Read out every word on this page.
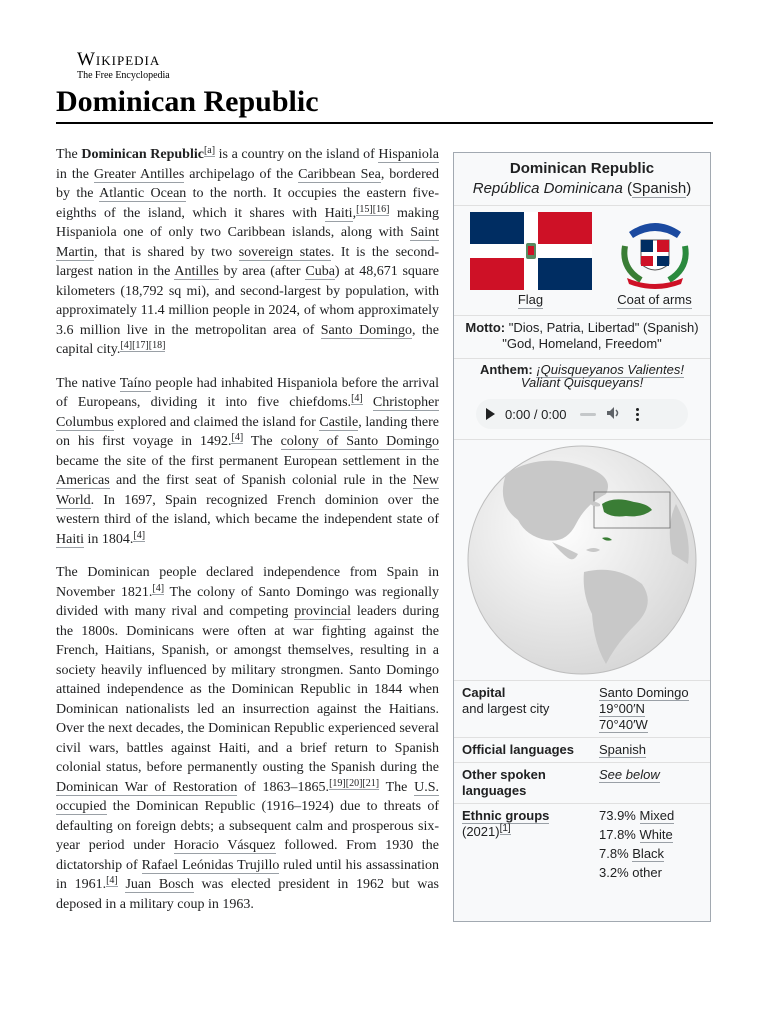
Wikipedia
The Free Encyclopedia
Dominican Republic

The Dominican Republic[a] is a country on the island of Hispaniola in the Greater Antilles archipelago of the Caribbean Sea, bordered by the Atlantic Ocean to the north. It occupies the eastern five-eighths of the island, which it shares with Haiti,[15][16] making Hispaniola one of only two Caribbean islands, along with Saint Martin, that is shared by two sovereign states. It is the second-largest nation in the Antilles by area (after Cuba) at 48,671 square kilometers (18,792 sq mi), and second-largest by population, with approximately 11.4 million people in 2024, of whom approximately 3.6 million live in the metropolitan area of Santo Domingo, the capital city.[4][17][18]

The native Taíno people had inhabited Hispaniola before the arrival of Europeans, dividing it into five chiefdoms.[4] Christopher Columbus explored and claimed the island for Castile, landing there on his first voyage in 1492.[4] The colony of Santo Domingo became the site of the first permanent European settlement in the Americas and the first seat of Spanish colonial rule in the New World. In 1697, Spain recognized French dominion over the western third of the island, which became the independent state of Haiti in 1804.[4]

The Dominican people declared independence from Spain in November 1821.[4] The colony of Santo Domingo was regionally divided with many rival and competing provincial leaders during the 1800s. Dominicans were often at war fighting against the French, Haitians, Spanish, or amongst themselves, resulting in a society heavily influenced by military strongmen. Santo Domingo attained independence as the Dominican Republic in 1844 when Dominican nationalists led an insurrection against the Haitians. Over the next decades, the Dominican Republic experienced several civil wars, battles against Haiti, and a brief return to Spanish colonial status, before permanently ousting the Spanish during the Dominican War of Restoration of 1863–1865.[19][20][21] The U.S. occupied the Dominican Republic (1916–1924) due to threats of defaulting on foreign debts; a subsequent calm and prosperous six-year period under Horacio Vásquez followed. From 1930 the dictatorship of Rafael Leónidas Trujillo ruled until his assassination in 1961.[4] Juan Bosch was elected president in 1962 but was deposed in a military coup in 1963.

Dominican Republic
República Dominicana (Spanish)
Flag	Coat of arms
Motto: "Dios, Patria, Libertad" (Spanish)
"God, Homeland, Freedom"
Anthem: ¡Quisqueyanos Valientes!
Valiant Quisqueyans!
0:00 / 0:00
Capital
and largest city
Santo Domingo
19°00′N
70°40′W
Official languages	Spanish
Other spoken languages
See below
Ethnic groups
(2021)[1]
73.9% Mixed
17.8% White
7.8% Black
3.2% other
